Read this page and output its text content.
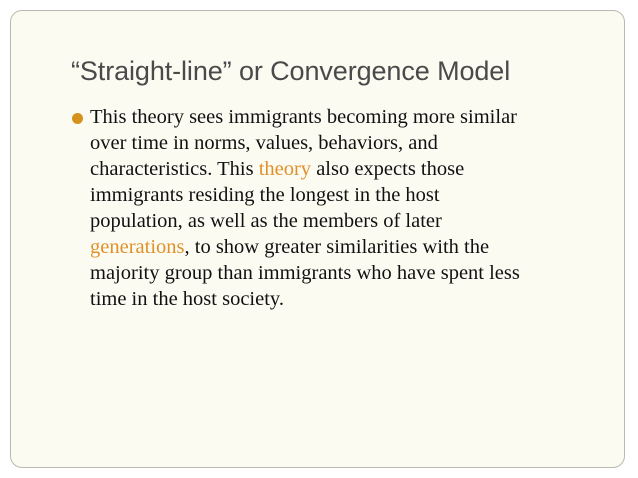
“Straight-line” or Convergence Model

This theory sees immigrants becoming more similar
over time in norms, values, behaviors, and
characteristics. This theory also expects those
immigrants residing the longest in the host
population, as well as the members of later
generations, to show greater similarities with the
majority group than immigrants who have spent less
time in the host society.
